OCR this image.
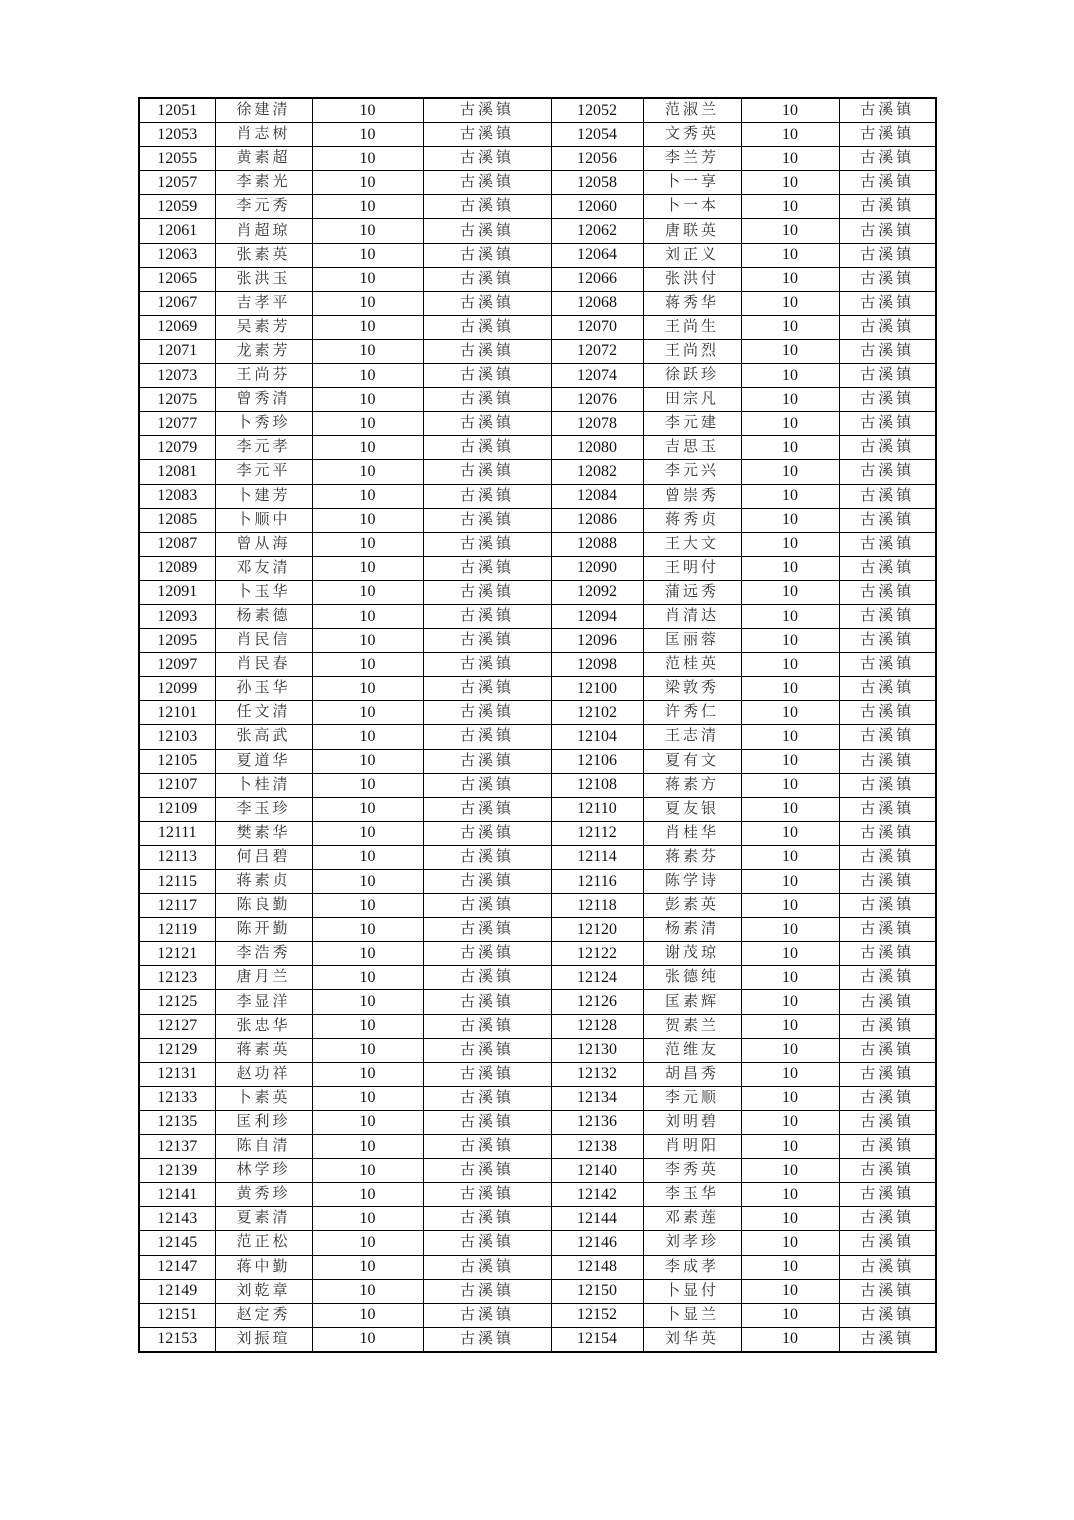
12051	徐建清	10	古溪镇	12052	范淑兰	10	古溪镇
12053	肖志树	10	古溪镇	12054	文秀英	10	古溪镇
12055	黄素超	10	古溪镇	12056	李兰芳	10	古溪镇
12057	李素光	10	古溪镇	12058	卜一享	10	古溪镇
12059	李元秀	10	古溪镇	12060	卜一本	10	古溪镇
12061	肖超琼	10	古溪镇	12062	唐联英	10	古溪镇
12063	张素英	10	古溪镇	12064	刘正义	10	古溪镇
12065	张洪玉	10	古溪镇	12066	张洪付	10	古溪镇
12067	吉孝平	10	古溪镇	12068	蒋秀华	10	古溪镇
12069	吴素芳	10	古溪镇	12070	王尚生	10	古溪镇
12071	龙素芳	10	古溪镇	12072	王尚烈	10	古溪镇
12073	王尚芬	10	古溪镇	12074	徐跃珍	10	古溪镇
12075	曾秀清	10	古溪镇	12076	田宗凡	10	古溪镇
12077	卜秀珍	10	古溪镇	12078	李元建	10	古溪镇
12079	李元孝	10	古溪镇	12080	吉思玉	10	古溪镇
12081	李元平	10	古溪镇	12082	李元兴	10	古溪镇
12083	卜建芳	10	古溪镇	12084	曾崇秀	10	古溪镇
12085	卜顺中	10	古溪镇	12086	蒋秀贞	10	古溪镇
12087	曾从海	10	古溪镇	12088	王大文	10	古溪镇
12089	邓友清	10	古溪镇	12090	王明付	10	古溪镇
12091	卜玉华	10	古溪镇	12092	蒲远秀	10	古溪镇
12093	杨素德	10	古溪镇	12094	肖清达	10	古溪镇
12095	肖民信	10	古溪镇	12096	匡丽蓉	10	古溪镇
12097	肖民春	10	古溪镇	12098	范桂英	10	古溪镇
12099	孙玉华	10	古溪镇	12100	梁敦秀	10	古溪镇
12101	任文清	10	古溪镇	12102	许秀仁	10	古溪镇
12103	张高武	10	古溪镇	12104	王志清	10	古溪镇
12105	夏道华	10	古溪镇	12106	夏有文	10	古溪镇
12107	卜桂清	10	古溪镇	12108	蒋素方	10	古溪镇
12109	李玉珍	10	古溪镇	12110	夏友银	10	古溪镇
12111	樊素华	10	古溪镇	12112	肖桂华	10	古溪镇
12113	何吕碧	10	古溪镇	12114	蒋素芬	10	古溪镇
12115	蒋素贞	10	古溪镇	12116	陈学诗	10	古溪镇
12117	陈良勤	10	古溪镇	12118	彭素英	10	古溪镇
12119	陈开勤	10	古溪镇	12120	杨素清	10	古溪镇
12121	李浩秀	10	古溪镇	12122	谢茂琼	10	古溪镇
12123	唐月兰	10	古溪镇	12124	张德纯	10	古溪镇
12125	李显洋	10	古溪镇	12126	匡素辉	10	古溪镇
12127	张忠华	10	古溪镇	12128	贺素兰	10	古溪镇
12129	蒋素英	10	古溪镇	12130	范维友	10	古溪镇
12131	赵功祥	10	古溪镇	12132	胡昌秀	10	古溪镇
12133	卜素英	10	古溪镇	12134	李元顺	10	古溪镇
12135	匡利珍	10	古溪镇	12136	刘明碧	10	古溪镇
12137	陈自清	10	古溪镇	12138	肖明阳	10	古溪镇
12139	林学珍	10	古溪镇	12140	李秀英	10	古溪镇
12141	黄秀珍	10	古溪镇	12142	李玉华	10	古溪镇
12143	夏素清	10	古溪镇	12144	邓素莲	10	古溪镇
12145	范正松	10	古溪镇	12146	刘孝珍	10	古溪镇
12147	蒋中勤	10	古溪镇	12148	李成孝	10	古溪镇
12149	刘乾章	10	古溪镇	12150	卜显付	10	古溪镇
12151	赵定秀	10	古溪镇	12152	卜显兰	10	古溪镇
12153	刘振瑄	10	古溪镇	12154	刘华英	10	古溪镇
